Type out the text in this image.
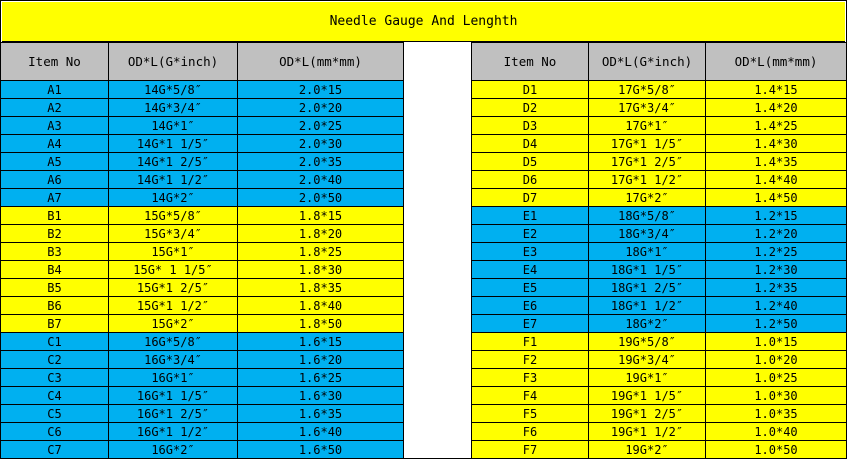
Needle Gauge And Lenghth
Item No	OD*L(G*inch)	OD*L(mm*mm)
A1	14G*5/8″	2.0*15
A2	14G*3/4″	2.0*20
A3	14G*1″	2.0*25
A4	14G*1 1/5″	2.0*30
A5	14G*1 2/5″	2.0*35
A6	14G*1 1/2″	2.0*40
A7	14G*2″	2.0*50
B1	15G*5/8″	1.8*15
B2	15G*3/4″	1.8*20
B3	15G*1″	1.8*25
B4	15G* 1 1/5″	1.8*30
B5	15G*1 2/5″	1.8*35
B6	15G*1 1/2″	1.8*40
B7	15G*2″	1.8*50
C1	16G*5/8″	1.6*15
C2	16G*3/4″	1.6*20
C3	16G*1″	1.6*25
C4	16G*1 1/5″	1.6*30
C5	16G*1 2/5″	1.6*35
C6	16G*1 1/2″	1.6*40
C7	16G*2″	1.6*50
Item No	OD*L(G*inch)	OD*L(mm*mm)
D1	17G*5/8″	1.4*15
D2	17G*3/4″	1.4*20
D3	17G*1″	1.4*25
D4	17G*1 1/5″	1.4*30
D5	17G*1 2/5″	1.4*35
D6	17G*1 1/2″	1.4*40
D7	17G*2″	1.4*50
E1	18G*5/8″	1.2*15
E2	18G*3/4″	1.2*20
E3	18G*1″	1.2*25
E4	18G*1 1/5″	1.2*30
E5	18G*1 2/5″	1.2*35
E6	18G*1 1/2″	1.2*40
E7	18G*2″	1.2*50
F1	19G*5/8″	1.0*15
F2	19G*3/4″	1.0*20
F3	19G*1″	1.0*25
F4	19G*1 1/5″	1.0*30
F5	19G*1 2/5″	1.0*35
F6	19G*1 1/2″	1.0*40
F7	19G*2″	1.0*50
